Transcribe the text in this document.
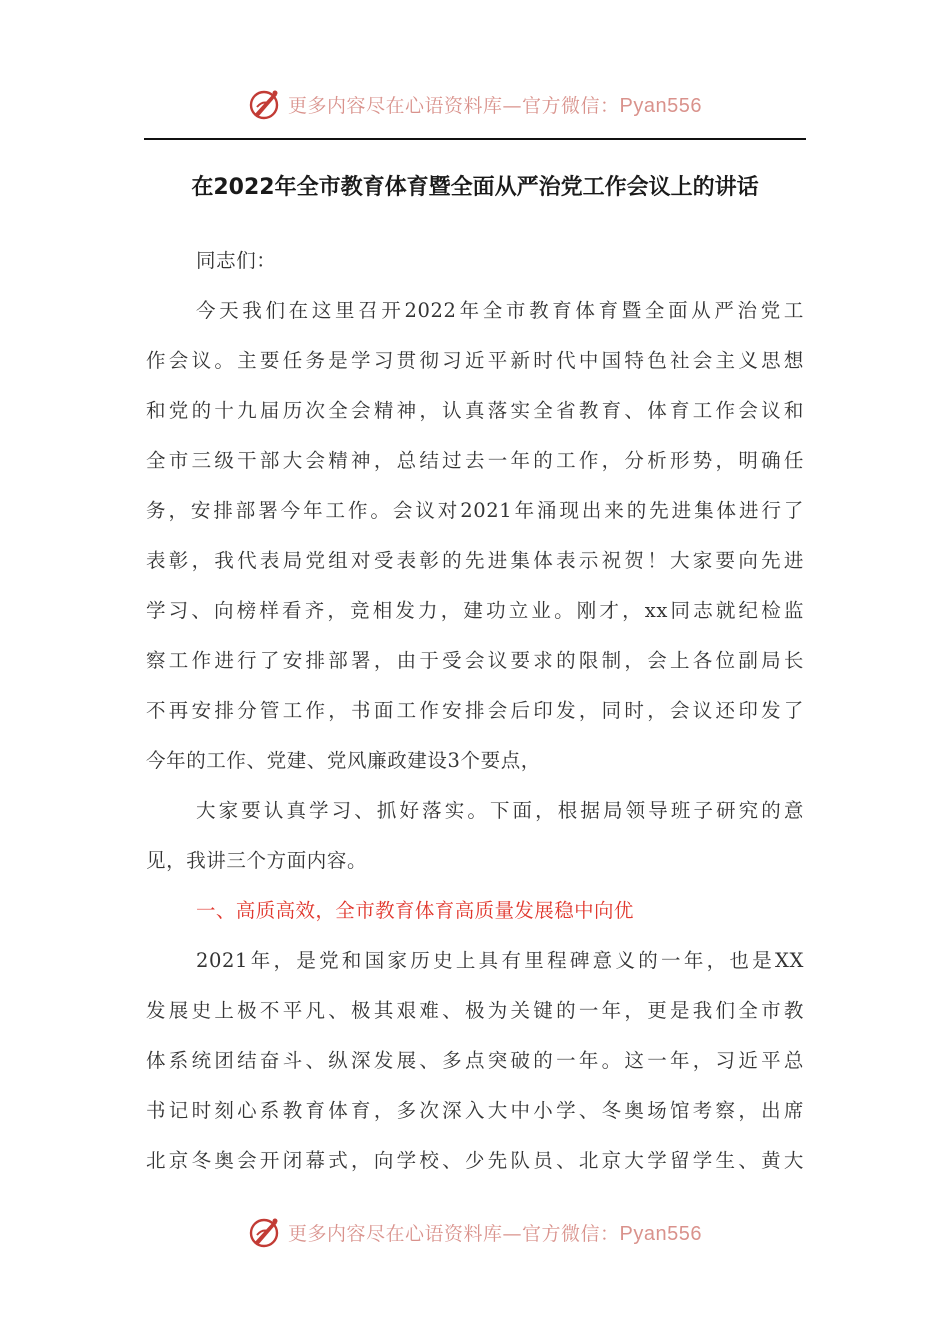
更多内容尽在心语资料库—官方微信：Pyan556
在2022年全市教育体育暨全面从严治党工作会议上的讲话
同志们：
今天我们在这里召开2022年全市教育体育暨全面从严治党工
作会议。主要任务是学习贯彻习近平新时代中国特色社会主义思想
和党的十九届历次全会精神，认真落实全省教育、体育工作会议和
全市三级干部大会精神，总结过去一年的工作，分析形势，明确任
务，安排部署今年工作。会议对2021年涌现出来的先进集体进行了
表彰，我代表局党组对受表彰的先进集体表示祝贺！大家要向先进
学习、向榜样看齐，竞相发力，建功立业。刚才，xx同志就纪检监
察工作进行了安排部署，由于受会议要求的限制，会上各位副局长
不再安排分管工作，书面工作安排会后印发，同时，会议还印发了
今年的工作、党建、党风廉政建设3个要点，
大家要认真学习、抓好落实。下面，根据局领导班子研究的意
见，我讲三个方面内容。
一、高质高效，全市教育体育高质量发展稳中向优
2021年，是党和国家历史上具有里程碑意义的一年，也是XX
发展史上极不平凡、极其艰难、极为关键的一年，更是我们全市教
体系统团结奋斗、纵深发展、多点突破的一年。这一年，习近平总
书记时刻心系教育体育，多次深入大中小学、冬奥场馆考察，出席
北京冬奥会开闭幕式，向学校、少先队员、北京大学留学生、黄大
更多内容尽在心语资料库—官方微信：Pyan556
